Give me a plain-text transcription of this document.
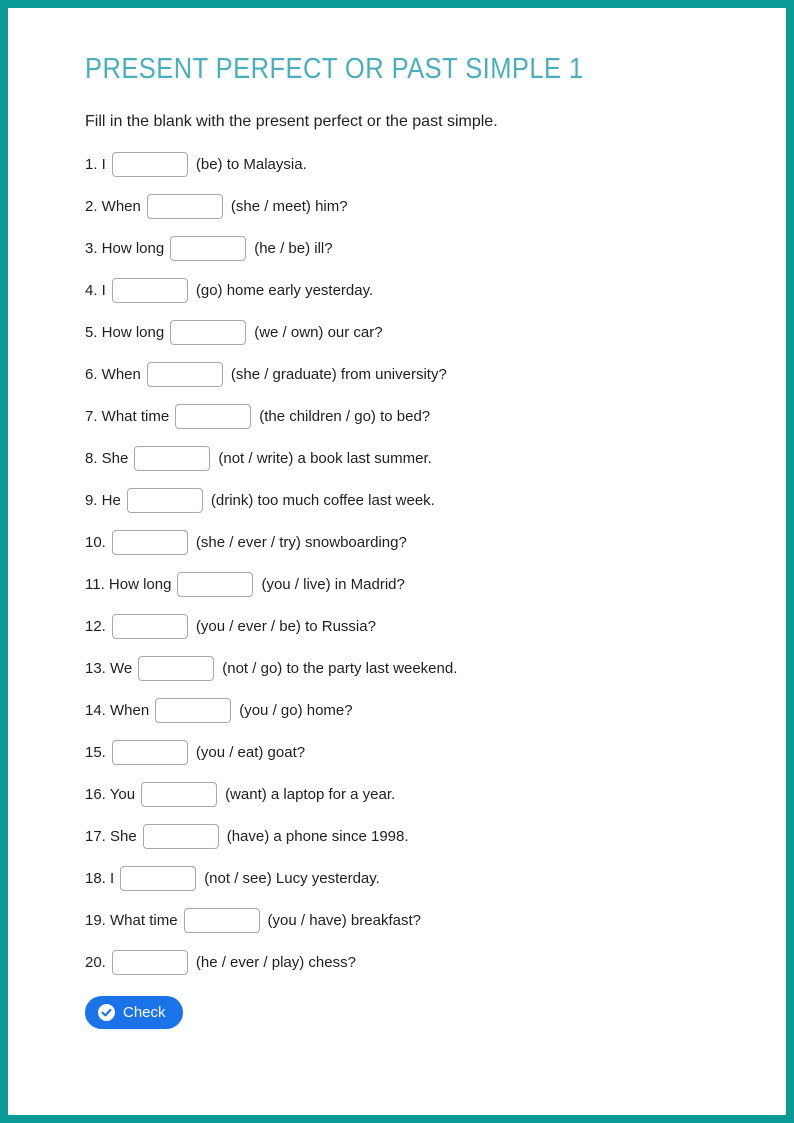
PRESENT PERFECT OR PAST SIMPLE 1
Fill in the blank with the present perfect or the past simple.
1. I	(be) to Malaysia.
2. When	(she / meet) him?
3. How long	(he / be) ill?
4. I	(go) home early yesterday.
5. How long	(we / own) our car?
6. When	(she / graduate) from university?
7. What time	(the children / go) to bed?
8. She	(not / write) a book last summer.
9. He	(drink) too much coffee last week.
10.	(she / ever / try) snowboarding?
11. How long	(you / live) in Madrid?
12.	(you / ever / be) to Russia?
13. We	(not / go) to the party last weekend.
14. When	(you / go) home?
15.	(you / eat) goat?
16. You	(want) a laptop for a year.
17. She	(have) a phone since 1998.
18. I	(not / see) Lucy yesterday.
19. What time	(you / have) breakfast?
20.	(he / ever / play) chess?
Check
